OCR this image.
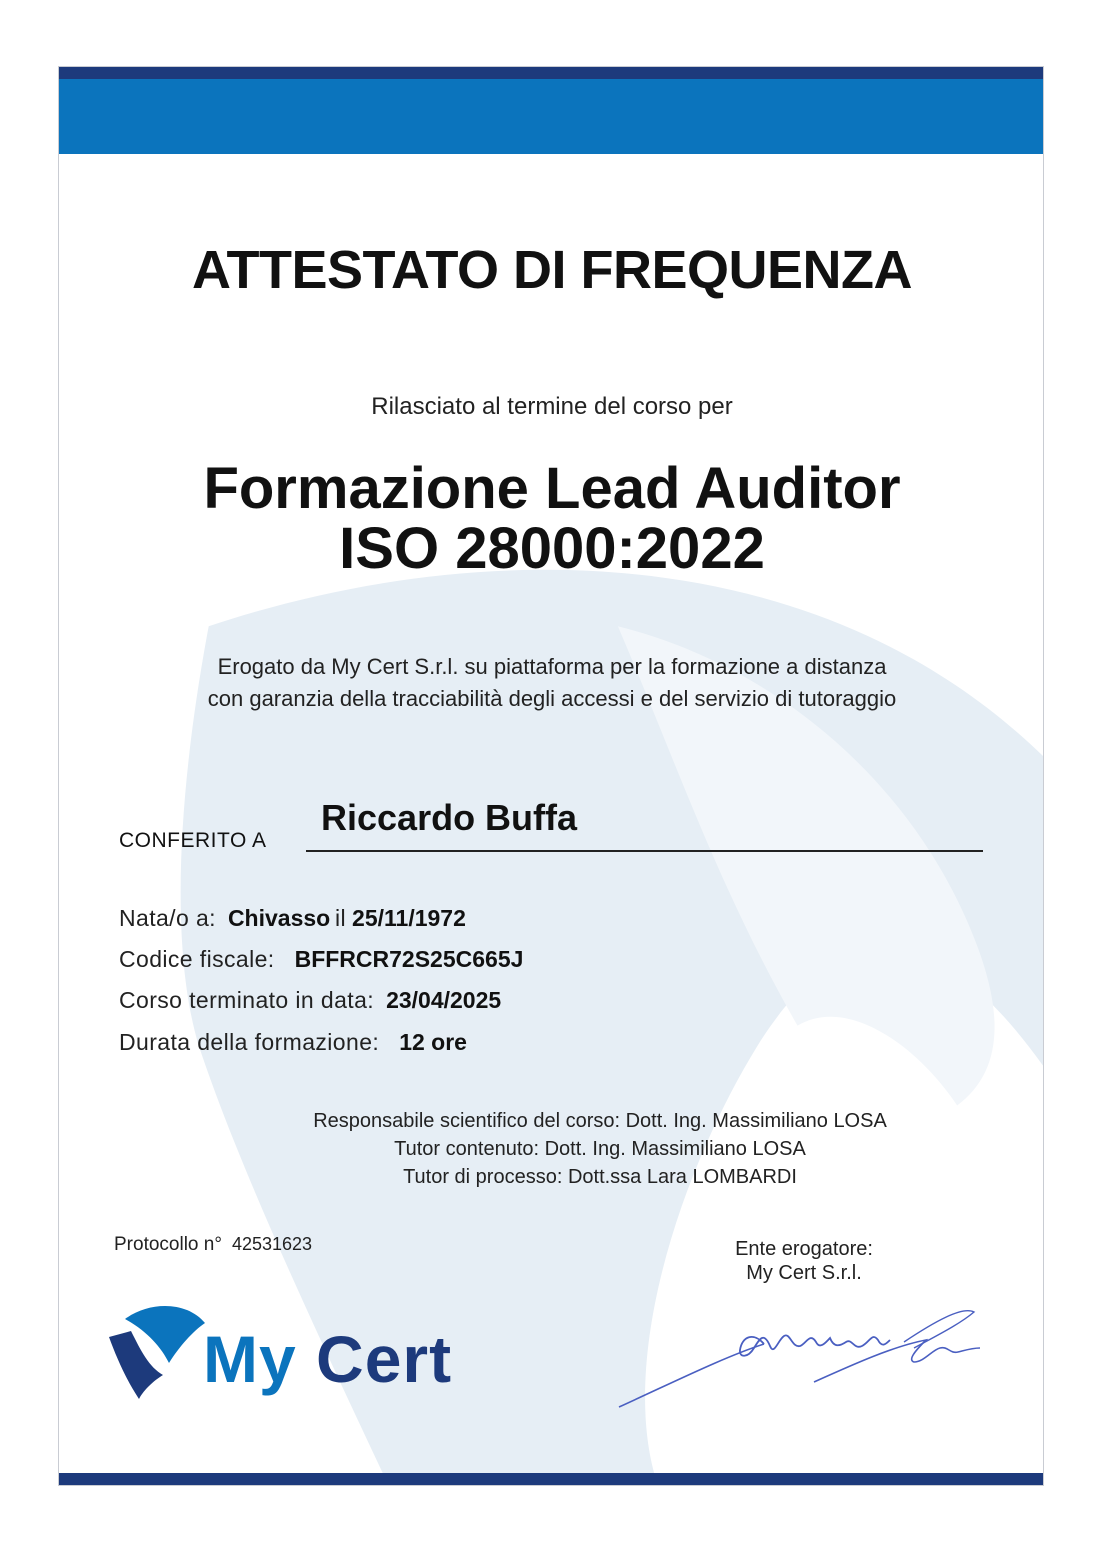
ATTESTATO DI FREQUENZA
Rilasciato al termine del corso per
Formazione Lead Auditor
ISO 28000:2022
Erogato da My Cert S.r.l. su piattaforma per la formazione a distanza
con garanzia della tracciabilità degli accessi e del servizio di tutoraggio
CONFERITO A
Riccardo Buffa
Nata/o a: Chivasso il 25/11/1972
Codice fiscale: BFFRCR72S25C665J
Corso terminato in data: 23/04/2025
Durata della formazione: 12 ore
Responsabile scientifico del corso: Dott. Ing. Massimiliano LOSA
Tutor contenuto: Dott. Ing. Massimiliano LOSA
Tutor di processo: Dott.ssa Lara LOMBARDI
Protocollo n° 42531623	Ente erogatore:
My Cert S.r.l.
My Cert
